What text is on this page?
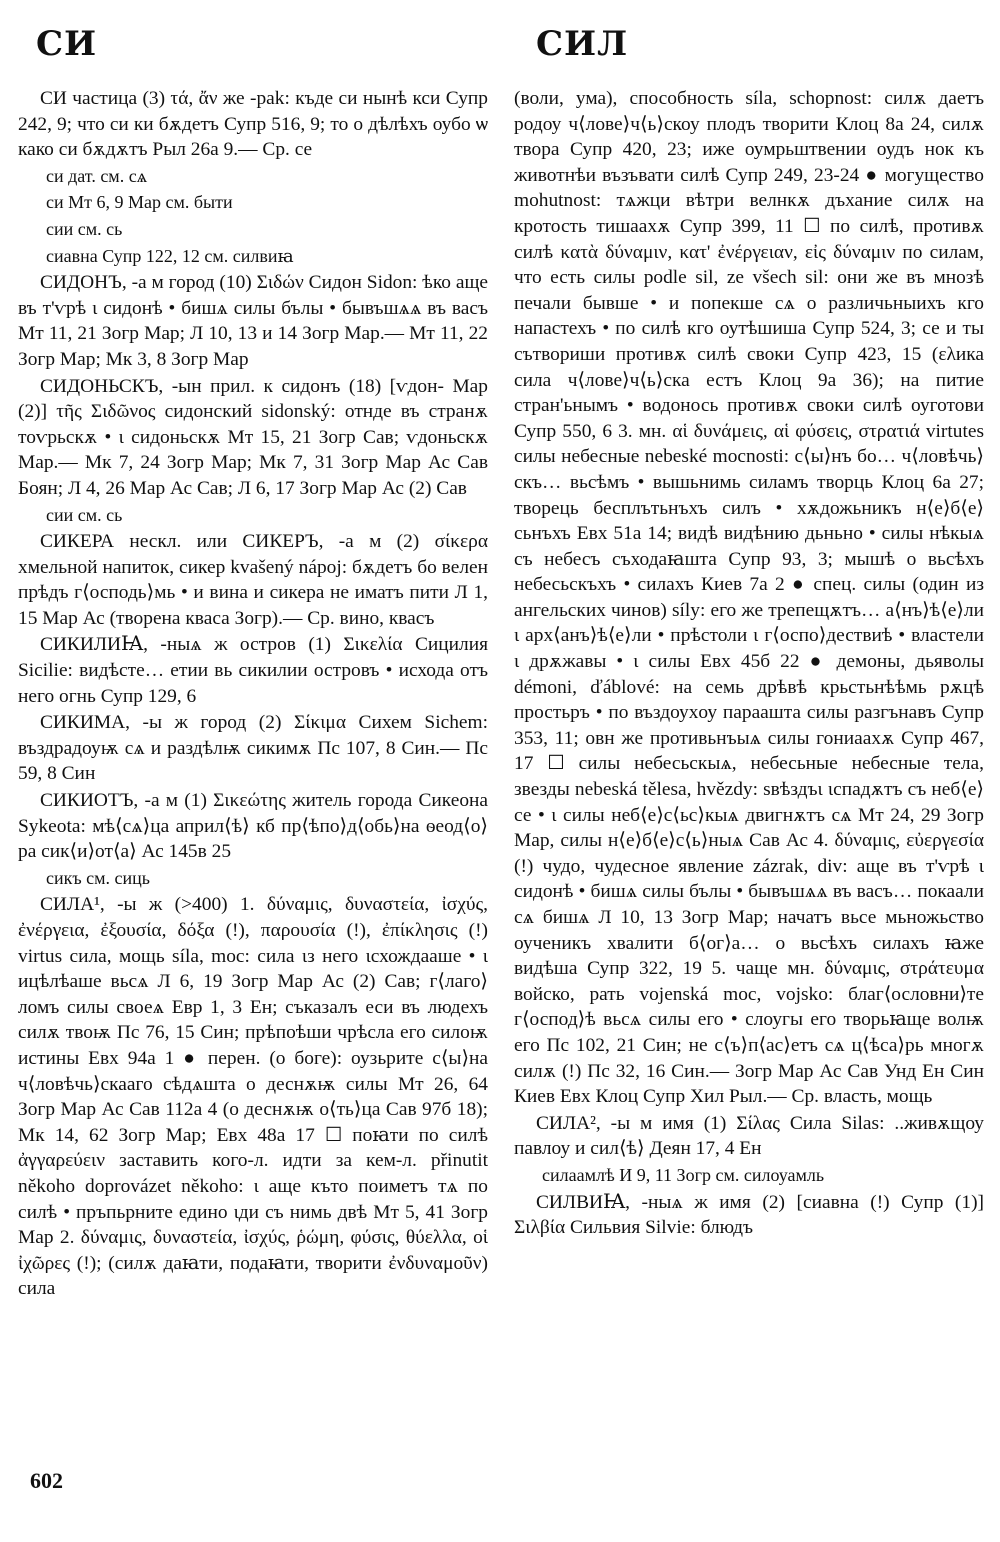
СИ	СИЛ

СИ частица (3) τά, ἄν же -pak: къде си нынѣ кси Супр 242, 9; что си ки бѫдетъ Супр 516, 9; то о дѣлѣхъ оубо ѡ како си бѫдѫтъ Рыл 26а 9.— Ср. се

си дат. см. сѧ

си Мт 6, 9 Мар см. быти

сии см. сь

сиавна Супр 122, 12 см. силвиꙗ

СИДОНЪ, -а м город (10) Σιδών Сидон Sidon: ѣко аще въ т'ѵрѣ ι сидонѣ • бишѧ силы бълы • бывъшѧѧ въ васъ Мт 11, 21 Зогр Мар; Л 10, 13 и 14 Зогр Мар.— Мт 11, 22 Зогр Мар; Мк 3, 8 Зогр Мар

СИДОНЬСКЪ, -ын прил. к сидонъ (18) [ѵдон- Мар (2)] τῆς Σιδῶνος сидонский sidonský: отнде въ странѫ тоѵрьскѫ • ι сидоньскѫ Мт 15, 21 Зогр Сав; ѵдоньскѫ Мар.— Мк 7, 24 Зогр Мар; Мк 7, 31 Зогр Мар Ас Сав Боян; Л 4, 26 Мар Ас Сав; Л 6, 17 Зогр Мар Ас (2) Сав

сии см. сь

СИКЕРА нескл. или СИКЕРЪ, -а м (2) σίκερα хмельной напиток, сикер kvašený nápoj: бѫдетъ бо велен прѣдъ г⟨осподь⟩мь • и вина и сикера не иматъ пити Л 1, 15 Мар Ас (творена кваса Зогр).— Ср. вино, квасъ

СИКИЛИꙖ, -ныѧ ж остров (1) Σικελία Сицилия Sicilie: видѣсте… етии вь сикилии островъ • исхода отъ него огнь Супр 129, 6

СИКИМА, -ы ж город (2) Σίκιμα Сихем Sichem: въздрадоуѭ сѧ и раздѣлѭ сикимѫ Пс 107, 8 Син.— Пс 59, 8 Син

СИКИОТЪ, -а м (1) Σικεώτης житель города Сикеона Sykeota: мѣ⟨сѧ⟩ца април⟨ѣ⟩ кб пр⟨ѣпо⟩д⟨обь⟩на ѳеод⟨о⟩ра сик⟨и⟩от⟨а⟩ Ас 145в 25

сикъ см. сиць

СИЛА¹, -ы ж (>400) 1. δύναμις, δυναστεία, ἰσχύς, ἐνέργεια, ἐξουσία, δόξα (!), παρουσία (!), ἐπίκλησις (!) virtus сила, мощь síla, moc: сила ιз него ιсхождааше • ι ицѣлѣаше вьсѧ Л 6, 19 Зогр Мар Ас (2) Сав; г⟨лаго⟩ломъ силы своеѧ Евр 1, 3 Ен; съказалъ еси въ людехъ силѫ твоѭ Пс 76, 15 Син; прѣпоѣши чрѣсла его силоѭ истины Евх 94а 1 ● перен. (о боге): оузьрите с⟨ы⟩на ч⟨ловѣчь⟩скааго сѣдѧшта о деснѫѭ силы Мт 26, 64 Зогр Мар Ас Сав 112а 4 (о деснѫѭ о⟨ть⟩ца Сав 97б 18); Мк 14, 62 Зогр Мар; Евх 48а 17 ☐ поꙗти по силѣ ἀγγαρεύειν заставить кого-л. идти за кем-л. přinutit někoho doprovázet někoho: ι аще къто поиметъ тѧ по силѣ • пръпьрните едино ιди съ нимь двѣ Мт 5, 41 Зогр Мар 2. δύναμις, δυναστεία, ἰσχύς, ῥώμη, φύσις, θύελλα, οἱ ἰχῶρες (!); (силѫ даꙗти, подаꙗти, творити ἐνδυναμοῦν) сила

(воли, ума), способность síla, schopnost: силѫ даетъ родоу ч⟨лове⟩ч⟨ь⟩скоу плодъ творити Клоц 8а 24, силѫ твора Супр 420, 23; иже оумрьштвении оудъ нок къ животнѣи възъвати силѣ Супр 249, 23-24 ● могущество mohutnost: тѧжци вѣтри велнкѫ дъхание силѫ на кротость тишаахѫ Супр 399, 11 ☐ по силѣ, противѫ силѣ κατὰ δύναμιν, κατ' ἐνέργειαν, εἰς δύναμιν по силам, что есть силы podle sil, ze všech sil: они же въ мнозѣ печали бывше • и попекше сѧ о различьныихъ кго напастехъ • по силѣ кго оутѣшиша Супр 524, 3; се и ты сътвориши противѫ силѣ своки Супр 423, 15 (ελика сила ч⟨лове⟩ч⟨ь⟩ска естъ Клоц 9а 36); на питие стран'ьнымъ • водонось противѫ своки силѣ оуготови Супр 550, 6 3. мн. αἱ δυνάμεις, αἱ φύσεις, στρατιά virtutes силы небесные nebeské mocnosti: с⟨ы⟩нъ бо… ч⟨ловѣчь⟩скъ… вьсѣмъ • вышьнимь силамъ творць Клоц 6а 27; творець бесплътьнъхъ силъ • хѫдожьникъ н⟨е⟩б⟨е⟩сьнъхъ Евх 51а 14; видѣ видѣнию дьньно • силы нѣкыѧ съ небесъ съходаꙗшта Супр 93, 3; мышѣ о вьсѣхъ небесьскъхъ • силахъ Киев 7а 2 ● спец. силы (один из ангельских чинов) síly: его же трепещѫтъ… а⟨нъ⟩ѣ⟨е⟩ли ι арх⟨анъ⟩ѣ⟨е⟩ли • прѣстоли ι г⟨оспо⟩дествиѣ • властели ι дрѫжавы • ι силы Евх 45б 22 ● демоны, дьяволы démoni, ďáblové: на семь дрѣвѣ крьстьнѣѣмь рѫцѣ простьръ • по въздоуxоу параашта силы разгънавъ Супр 353, 11; овн же противьнъыѧ силы гониаахѫ Супр 467, 17 ☐ силы небесьскыѧ, небесьные небесные тела, звезды nebeská tělesa, hvězdy: ѕвѣздъι ιспадѫтъ съ неб⟨е⟩се • ι силы неб⟨е⟩с⟨ьс⟩кыѧ двигнѫтъ сѧ Мт 24, 29 Зогр Мар, силы н⟨е⟩б⟨е⟩с⟨ь⟩ныѧ Сав Ас 4. δύναμις, εὐεργεσία (!) чудо, чудесное явление zázrak, div: аще въ т'ѵрѣ ι сидонѣ • бишѧ силы бълы • бывъшѧѧ въ васъ… покаали сѧ бишѧ Л 10, 13 Зогр Мар; начатъ вьсе мьножьство оученикъ хвалити б⟨ог⟩а… о вьсѣхъ силахъ ꙗже видѣша Супр 322, 19 5. чаще мн. δύναμις, στράτευμα войско, рать vojenská moc, vojsko: благ⟨ословни⟩те г⟨оспод⟩ѣ вьсѧ силы его • слоугы его творьꙗще волѭ его Пс 102, 21 Син; не с⟨ъ⟩п⟨ас⟩етъ сѧ ц⟨ѣса⟩рь многѫ силѫ (!) Пс 32, 16 Син.— Зогр Мар Ас Сав Унд Ен Син Киев Евх Клоц Супр Хил Рыл.— Ср. власть, мощь

СИЛА², -ы м имя (1) Σίλας Сила Silas: ..живѫщоу павлоу и сил⟨ѣ⟩ Деян 17, 4 Ен

силаамлѣ И 9, 11 Зогр см. силоуамль

СИЛВИꙖ, -ныѧ ж имя (2) [сиавна (!) Супр (1)] Σιλβία Сильвия Silvie: блюдъ

602
